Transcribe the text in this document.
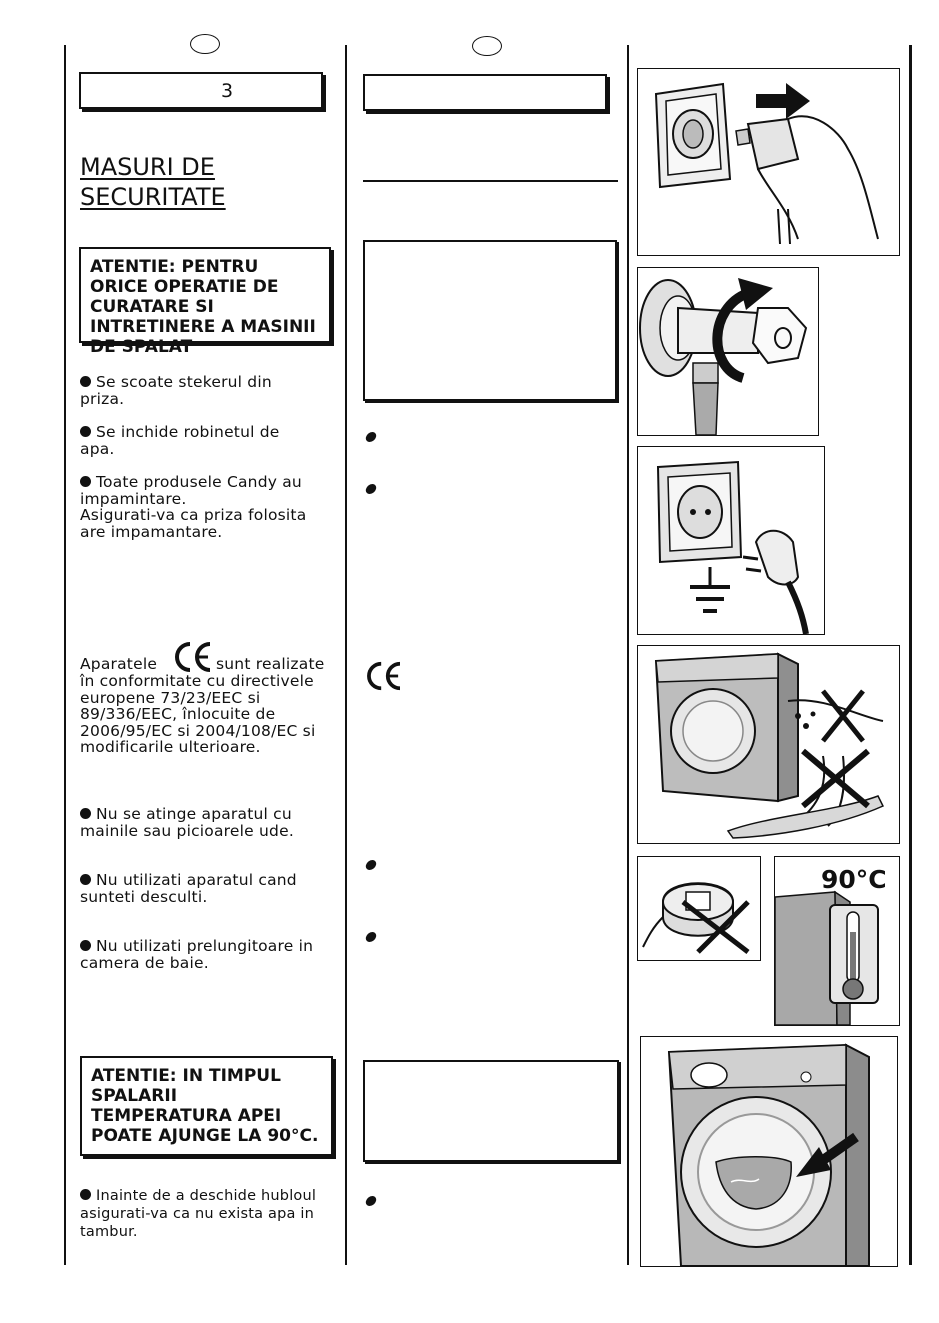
3
MASURI DE
SECURITATE
ATENTIE: PENTRU ORICE OPERATIE DE CURATARE SI INTRETINERE A MASINII DE SPALAT
Se scoate stekerul din
priza.
Se inchide robinetul de
apa.
Toate produsele Candy au
impamintare.
Asigurati-va ca priza folosita
are impamantare.
Aparatele	sunt realizate
în conformitate cu directivele
europene 73/23/EEC si
89/336/EEC, înlocuite de
2006/95/EC si 2004/108/EC si
modificarile ulterioare.
Nu se atinge aparatul cu
mainile sau picioarele ude.
Nu utilizati aparatul cand
sunteti desculti.
Nu utilizati prelungitoare in
camera de baie.
ATENTIE: IN TIMPUL SPALARII TEMPERATURA APEI POATE AJUNGE LA 90°C.
Inainte de a deschide hubloul
asigurati-va ca nu exista apa in
tambur.
90°C
